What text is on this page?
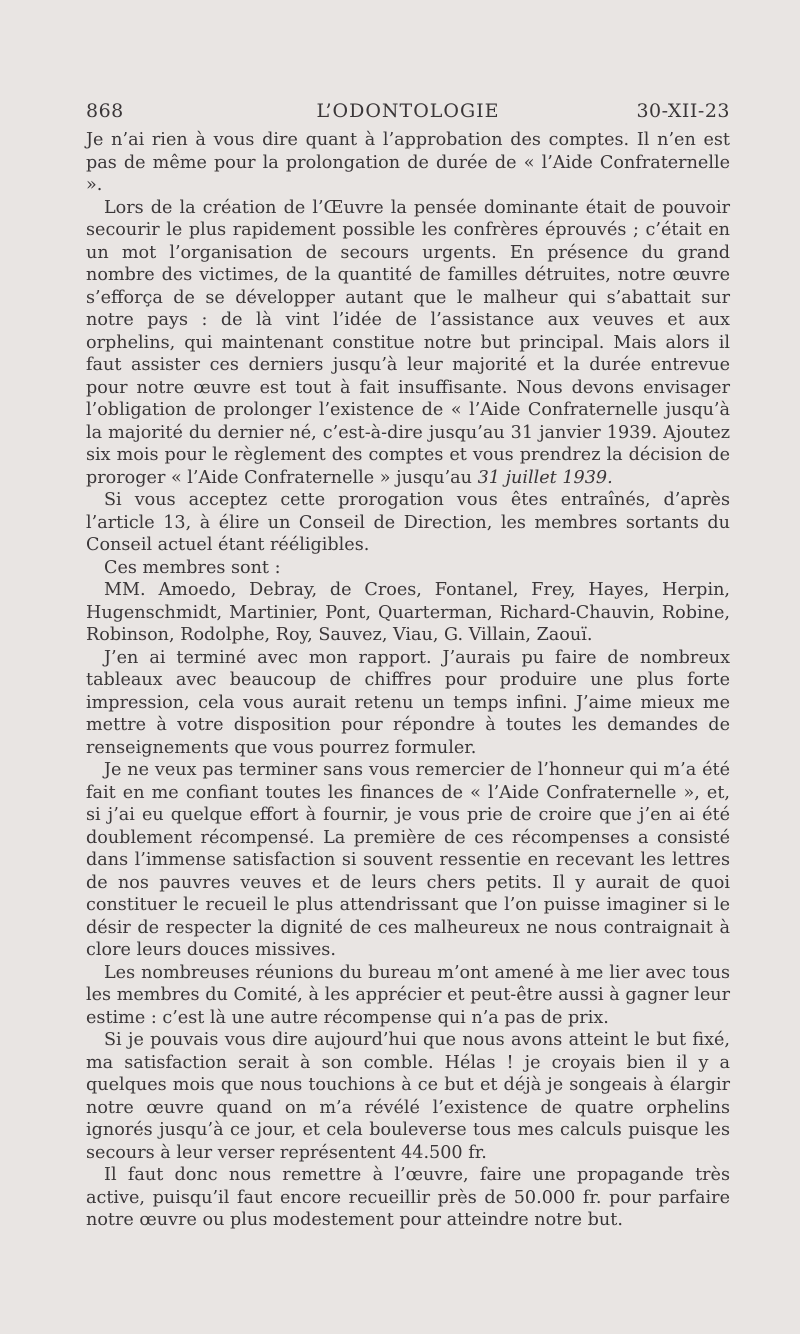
868	L’ODONTOLOGIE	30-XII-23

Je n’ai rien à vous dire quant à l’approbation des comptes. Il n’en est pas de même pour la prolongation de durée de « l’Aide Confraternelle ».

Lors de la création de l’Œuvre la pensée dominante était de pouvoir secourir le plus rapidement possible les confrères éprouvés ; c’était en un mot l’organisation de secours urgents. En présence du grand nombre des victimes, de la quantité de familles détruites, notre œuvre s’efforça de se développer autant que le malheur qui s’abattait sur notre pays : de là vint l’idée de l’assistance aux veuves et aux orphelins, qui maintenant constitue notre but principal. Mais alors il faut assister ces derniers jusqu’à leur majorité et la durée entrevue pour notre œuvre est tout à fait insuffisante. Nous devons envisager l’obligation de prolonger l’existence de « l’Aide Confraternelle jusqu’à la majorité du dernier né, c’est-à-dire jusqu’au 31 janvier 1939. Ajoutez six mois pour le règlement des comptes et vous prendrez la décision de proroger « l’Aide Confraternelle » jusqu’au 31 juillet 1939.

Si vous acceptez cette prorogation vous êtes entraînés, d’après l’article 13, à élire un Conseil de Direction, les membres sortants du Conseil actuel étant rééligibles.

Ces membres sont :

MM. Amoedo, Debray, de Croes, Fontanel, Frey, Hayes, Herpin, Hugenschmidt, Martinier, Pont, Quarterman, Richard-Chauvin, Robine, Robinson, Rodolphe, Roy, Sauvez, Viau, G. Villain, Zaouï.

J’en ai terminé avec mon rapport. J’aurais pu faire de nombreux tableaux avec beaucoup de chiffres pour produire une plus forte impression, cela vous aurait retenu un temps infini. J’aime mieux me mettre à votre disposition pour répondre à toutes les demandes de renseignements que vous pourrez formuler.

Je ne veux pas terminer sans vous remercier de l’honneur qui m’a été fait en me confiant toutes les finances de « l’Aide Confraternelle », et, si j’ai eu quelque effort à fournir, je vous prie de croire que j’en ai été doublement récompensé. La première de ces récompenses a consisté dans l’immense satisfaction si souvent ressentie en recevant les lettres de nos pauvres veuves et de leurs chers petits. Il y aurait de quoi constituer le recueil le plus attendrissant que l’on puisse imaginer si le désir de respecter la dignité de ces malheureux ne nous contraignait à clore leurs douces missives.

Les nombreuses réunions du bureau m’ont amené à me lier avec tous les membres du Comité, à les apprécier et peut-être aussi à gagner leur estime : c’est là une autre récompense qui n’a pas de prix.

Si je pouvais vous dire aujourd’hui que nous avons atteint le but fixé, ma satisfaction serait à son comble. Hélas ! je croyais bien il y a quelques mois que nous touchions à ce but et déjà je songeais à élargir notre œuvre quand on m’a révélé l’existence de quatre orphelins ignorés jusqu’à ce jour, et cela bouleverse tous mes calculs puisque les secours à leur verser représentent 44.500 fr.

Il faut donc nous remettre à l’œuvre, faire une propagande très active, puisqu’il faut encore recueillir près de 50.000 fr. pour parfaire notre œuvre ou plus modestement pour atteindre notre but.
